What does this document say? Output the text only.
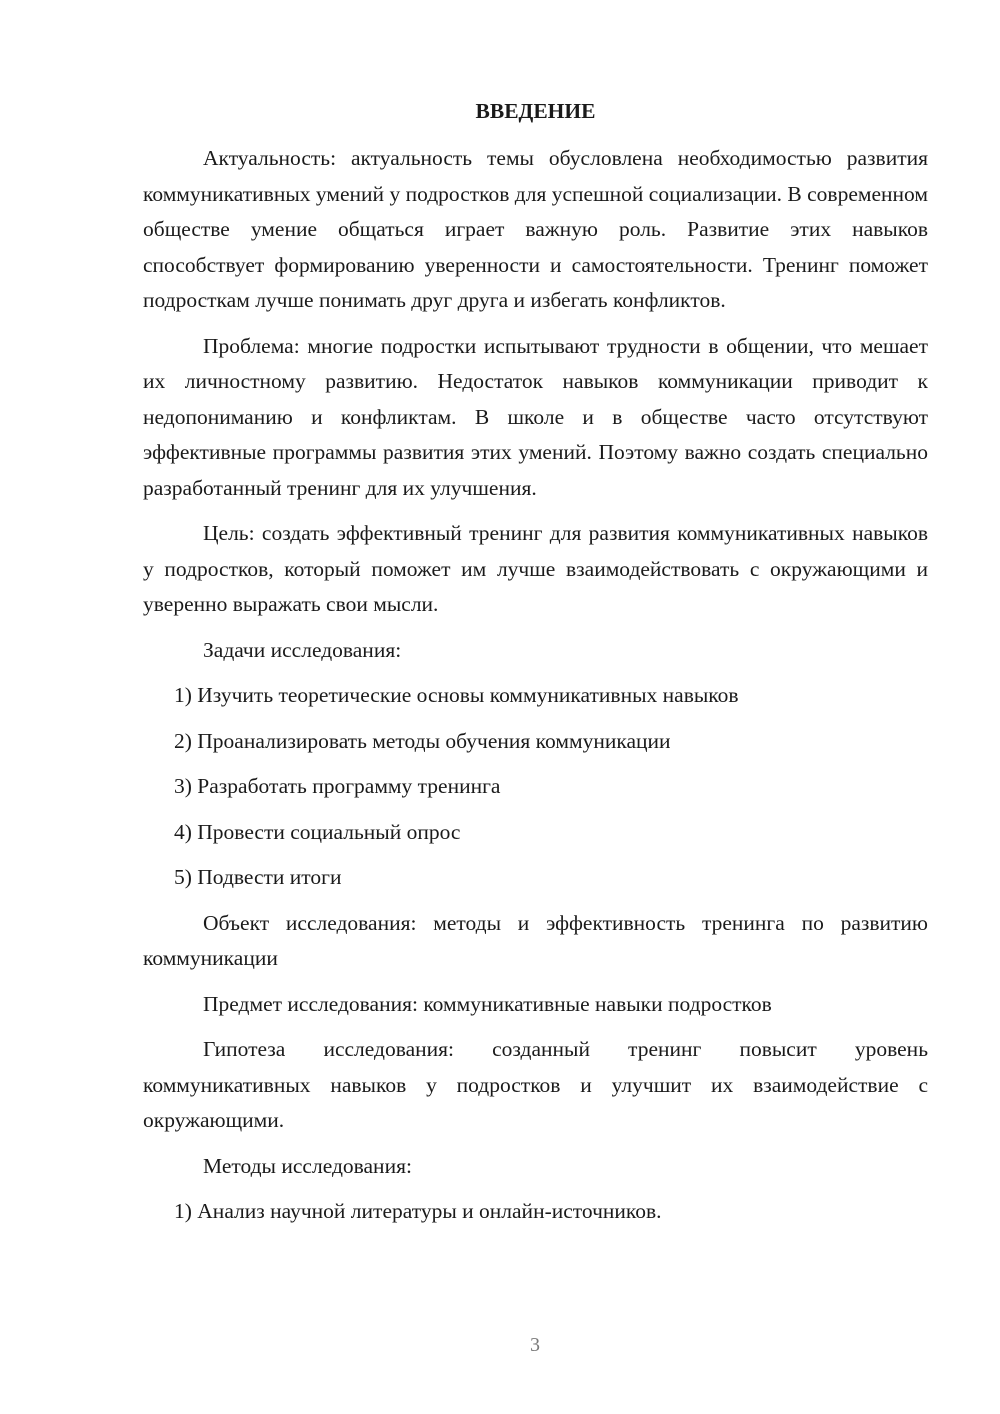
ВВЕДЕНИЕ

Актуальность: актуальность темы обусловлена необходимостью развития коммуникативных умений у подростков для успешной социализации. В современном обществе умение общаться играет важную роль. Развитие этих навыков способствует формированию уверенности и самостоятельности. Тренинг поможет подросткам лучше понимать друг друга и избегать конфликтов.

Проблема: многие подростки испытывают трудности в общении, что мешает их личностному развитию. Недостаток навыков коммуникации приводит к недопониманию и конфликтам. В школе и в обществе часто отсутствуют эффективные программы развития этих умений. Поэтому важно создать специально разработанный тренинг для их улучшения.

Цель: создать эффективный тренинг для развития коммуникативных навыков у подростков, который поможет им лучше взаимодействовать с окружающими и уверенно выражать свои мысли.

Задачи исследования:

1) Изучить теоретические основы коммуникативных навыков

2) Проанализировать методы обучения коммуникации

3) Разработать программу тренинга

4) Провести социальный опрос

5) Подвести итоги

Объект исследования: методы и эффективность тренинга по развитию коммуникации

Предмет исследования: коммуникативные навыки подростков

Гипотеза исследования: созданный тренинг повысит уровень коммуникативных навыков у подростков и улучшит их взаимодействие с окружающими.

Методы исследования:

1) Анализ научной литературы и онлайн-источников.

3
